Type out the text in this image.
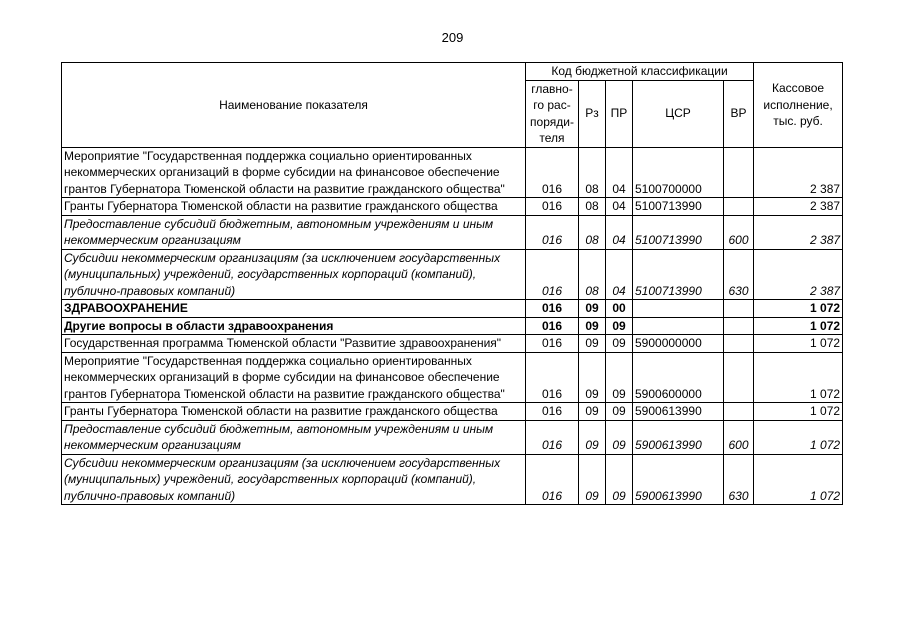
209
Наименование показателя	Код бюджетной классификации					Кассовое исполнение, тыс. руб.
	главно-го рас-поряди-теля	Рз	ПР	ЦСР	ВР	
Мероприятие "Государственная поддержка социально ориентированных некоммерческих организаций в форме субсидии на финансовое обеспечение грантов Губернатора Тюменской области на развитие гражданского общества"	016	08	04	5100700000		2 387
Гранты Губернатора Тюменской области на развитие гражданского общества	016	08	04	5100713990		2 387
Предоставление субсидий бюджетным, автономным учреждениям и иным некоммерческим организациям	016	08	04	5100713990	600	2 387
Субсидии некоммерческим организациям (за исключением государственных (муниципальных) учреждений, государственных корпораций (компаний), публично-правовых компаний)	016	08	04	5100713990	630	2 387
ЗДРАВООХРАНЕНИЕ	016	09	00			1 072
Другие вопросы в области здравоохранения	016	09	09			1 072
Государственная программа Тюменской области "Развитие здравоохранения"	016	09	09	5900000000		1 072
Мероприятие "Государственная поддержка социально ориентированных некоммерческих организаций в форме субсидии на финансовое обеспечение грантов Губернатора Тюменской области на развитие гражданского общества"	016	09	09	5900600000		1 072
Гранты Губернатора Тюменской области на развитие гражданского общества	016	09	09	5900613990		1 072
Предоставление субсидий бюджетным, автономным учреждениям и иным некоммерческим организациям	016	09	09	5900613990	600	1 072
Субсидии некоммерческим организациям (за исключением государственных (муниципальных) учреждений, государственных корпораций (компаний), публично-правовых компаний)	016	09	09	5900613990	630	1 072
